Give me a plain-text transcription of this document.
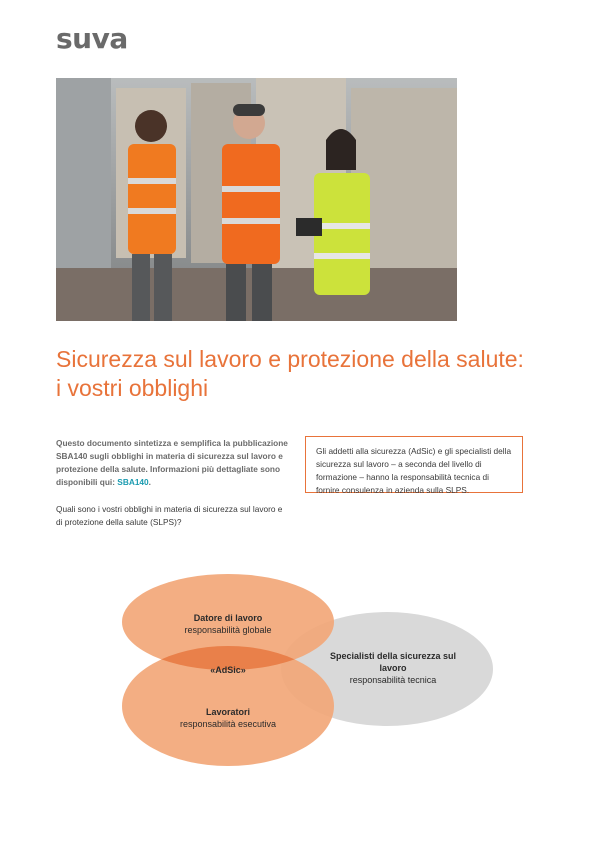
suva
Sicurezza sul lavoro e protezione della salute: i vostri obblighi

Questo documento sintetizza e semplifica la pubblicazione SBA140 sugli obblighi in materia di sicurezza sul lavoro e protezione della salute. Informazioni più dettagliate sono disponibili qui: SBA140.

Quali sono i vostri obblighi in materia di sicurezza sul lavoro e di protezione della salute (SLPS)?

Gli addetti alla sicurezza (AdSic) e gli specialisti della sicurezza sul lavoro – a seconda del livello di formazione – hanno la responsabilità tecnica di fornire consulenza in azienda sulla SLPS.
Datore di lavoro
responsabilità globale
«AdSic»
Specialisti della sicurezza sul lavoro
responsabilità tecnica
Lavoratori
responsabilità esecutiva
